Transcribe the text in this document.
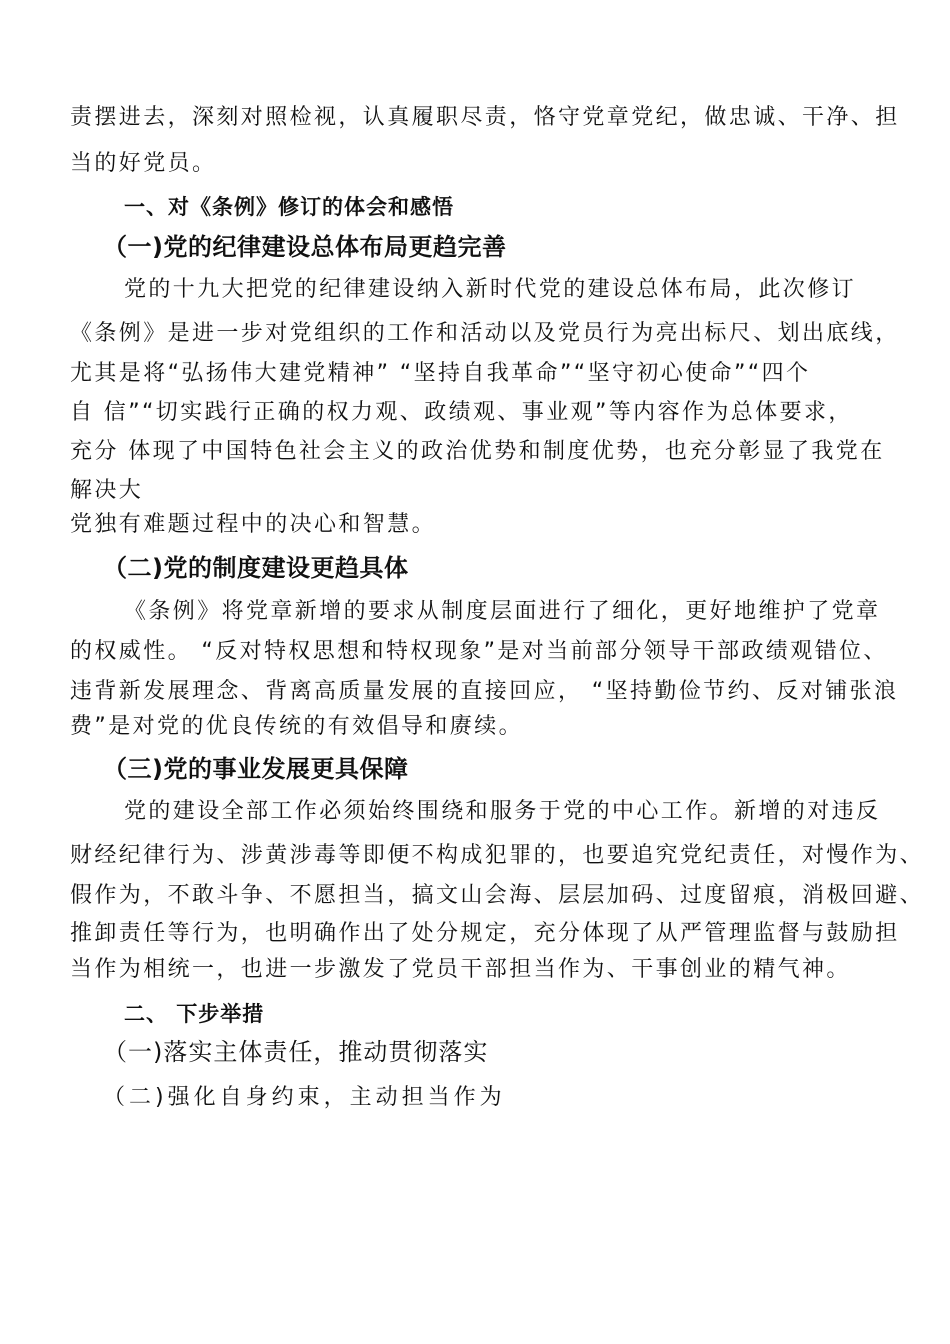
责摆进去，深刻对照检视，认真履职尽责，恪守党章党纪，做忠诚、干净、担
当的好党员。
一、对《条例》修订的体会和感悟
（一)党的纪律建设总体布局更趋完善
党的十九大把党的纪律建设纳入新时代党的建设总体布局，此次修订
《条例》是进一步对党组织的工作和活动以及党员行为亮出标尺、划出底线，
尤其是将“弘扬伟大建党精神” “坚持自我革命”“坚守初心使命”“四个
自 信”“切实践行正确的权力观、政绩观、事业观”等内容作为总体要求，
充分 体现了中国特色社会主义的政治优势和制度优势，也充分彰显了我党在
解决大
党独有难题过程中的决心和智慧。
（二)党的制度建设更趋具体
《条例》将党章新增的要求从制度层面进行了细化，更好地维护了党章
的权威性。 “反对特权思想和特权现象”是对当前部分领导干部政绩观错位、
违背新发展理念、背离高质量发展的直接回应， “坚持勤俭节约、反对铺张浪
费”是对党的优良传统的有效倡导和赓续。
（三)党的事业发展更具保障
党的建设全部工作必须始终围绕和服务于党的中心工作。新增的对违反
财经纪律行为、涉黄涉毒等即便不构成犯罪的，也要追究党纪责任，对慢作为、
假作为，不敢斗争、不愿担当，搞文山会海、层层加码、过度留痕，消极回避、
推卸责任等行为，也明确作出了处分规定，充分体现了从严管理监督与鼓励担
当作为相统一，也进一步激发了党员干部担当作为、干事创业的精气神。
二、 下步举措
（一)落实主体责任，推动贯彻落实
（二)强化自身约束，主动担当作为
